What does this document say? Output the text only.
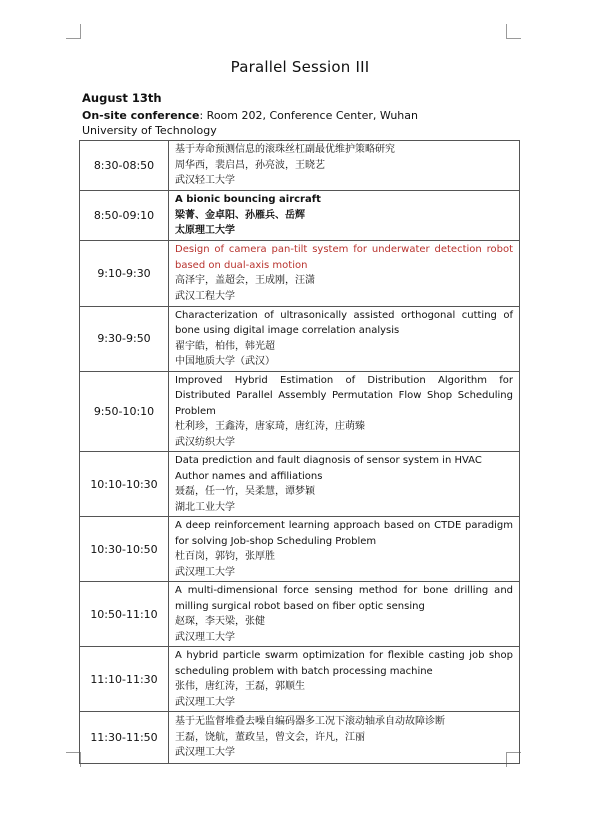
Parallel Session III
August 13th
On-site conference: Room 202, Conference Center, Wuhan University of Technology
8:30-08:50	基于寿命预测信息的滚珠丝杠副最优维护策略研究
周华西，裴启昌，孙亮波，王晓艺
武汉轻工大学

8:50-09:10	A bionic bouncing aircraft
梁菁、金卓阳、孙雁兵、岳辉
太原理工大学

9:10-9:30	Design of camera pan-tilt system for underwater detection robot based on dual-axis motion
高泽宇，盖超会，王成刚，汪潇
武汉工程大学

9:30-9:50	Characterization of ultrasonically assisted orthogonal cutting of bone using digital image correlation analysis
翟宇皓，柏伟，韩光超
中国地质大学（武汉）

9:50-10:10	Improved Hybrid Estimation of Distribution Algorithm for Distributed Parallel Assembly Permutation Flow Shop Scheduling Problem
杜利珍，王鑫涛，唐家琦，唐红涛，庄萌臻
武汉纺织大学

10:10-10:30	Data prediction and fault diagnosis of sensor system in HVAC
Author names and affiliations
聂磊，任一竹，吴柔慧，谭梦颖
湖北工业大学

10:30-10:50	A deep reinforcement learning approach based on CTDE paradigm for solving Job-shop Scheduling Problem
杜百岗，郭钧，张厚胜
武汉理工大学

10:50-11:10	A multi-dimensional force sensing method for bone drilling and milling surgical robot based on fiber optic sensing
赵琛，李天梁，张健
武汉理工大学

11:10-11:30	A hybrid particle swarm optimization for flexible casting job shop scheduling problem with batch processing machine
张伟，唐红涛，王磊，郭顺生
武汉理工大学

11:30-11:50	基于无监督堆叠去噪自编码器多工况下滚动轴承自动故障诊断
王磊，饶航，董政呈，曾文会，许凡，江丽
武汉理工大学
